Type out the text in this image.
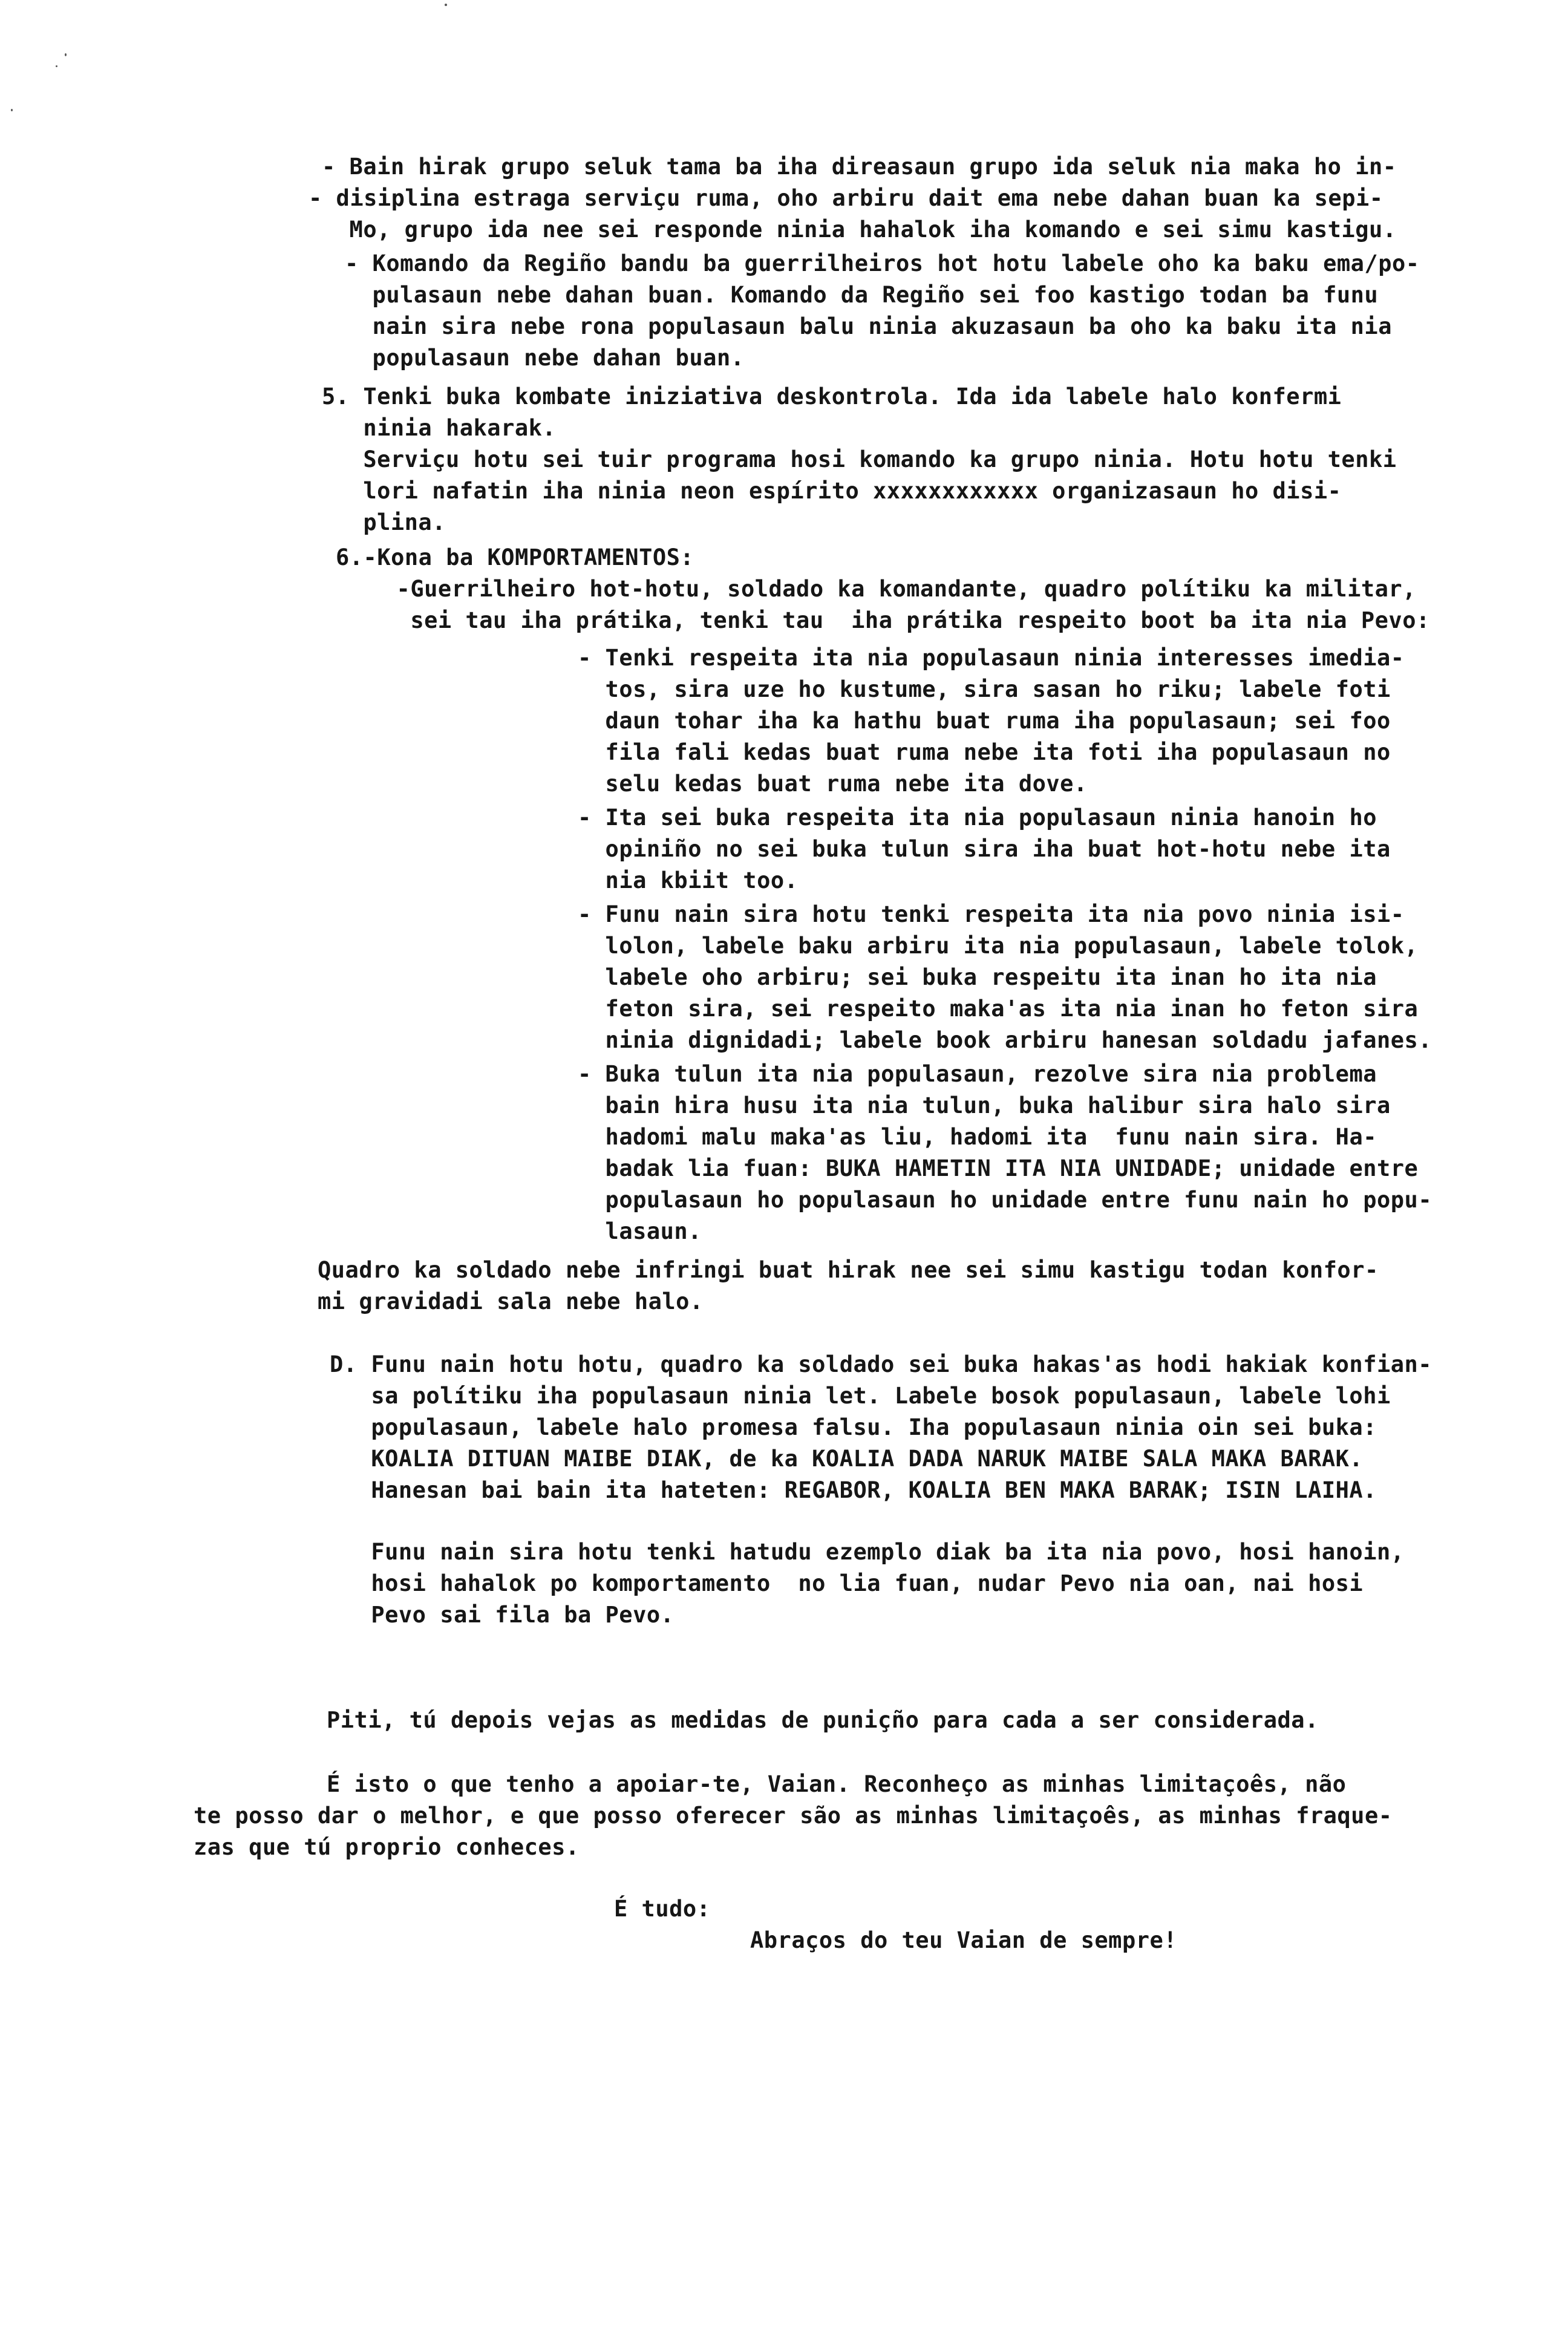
- Bain hirak grupo seluk tama ba iha direasaun grupo ida seluk nia maka ho in-
- disiplina estraga serviçu ruma, oho arbiru dait ema nebe dahan buan ka sepi-
Mo, grupo ida nee sei responde ninia hahalok iha komando e sei simu kastigu.
- Komando da Regiño bandu ba guerrilheiros hot hotu labele oho ka baku ema/po-
pulasaun nebe dahan buan. Komando da Regiño sei foo kastigo todan ba funu
nain sira nebe rona populasaun balu ninia akuzasaun ba oho ka baku ita nia
populasaun nebe dahan buan.
5. Tenki buka kombate iniziativa deskontrola. Ida ida labele halo konfermi
ninia hakarak.
Serviçu hotu sei tuir programa hosi komando ka grupo ninia. Hotu hotu tenki
lori nafatin iha ninia neon espírito xxxxxxxxxxxx organizasaun ho disi-
plina.
6.-Kona ba KOMPORTAMENTOS:
-Guerrilheiro hot-hotu, soldado ka komandante, quadro polítiku ka militar,
sei tau iha prátika, tenki tau  iha prátika respeito boot ba ita nia Pevo:
- Tenki respeita ita nia populasaun ninia interesses imedia-
tos, sira uze ho kustume, sira sasan ho riku; labele foti
daun tohar iha ka hathu buat ruma iha populasaun; sei foo
fila fali kedas buat ruma nebe ita foti iha populasaun no
selu kedas buat ruma nebe ita dove.
- Ita sei buka respeita ita nia populasaun ninia hanoin ho
opiniño no sei buka tulun sira iha buat hot-hotu nebe ita
nia kbiit too.
- Funu nain sira hotu tenki respeita ita nia povo ninia isi-
lolon, labele baku arbiru ita nia populasaun, labele tolok,
labele oho arbiru; sei buka respeitu ita inan ho ita nia
feton sira, sei respeito maka'as ita nia inan ho feton sira
ninia dignidadi; labele book arbiru hanesan soldadu jafanes.
- Buka tulun ita nia populasaun, rezolve sira nia problema
bain hira husu ita nia tulun, buka halibur sira halo sira
hadomi malu maka'as liu, hadomi ita  funu nain sira. Ha-
badak lia fuan: BUKA HAMETIN ITA NIA UNIDADE; unidade entre
populasaun ho populasaun ho unidade entre funu nain ho popu-
lasaun.
Quadro ka soldado nebe infringi buat hirak nee sei simu kastigu todan konfor-
mi gravidadi sala nebe halo.
D. Funu nain hotu hotu, quadro ka soldado sei buka hakas'as hodi hakiak konfian-
sa polítiku iha populasaun ninia let. Labele bosok populasaun, labele lohi
populasaun, labele halo promesa falsu. Iha populasaun ninia oin sei buka:
KOALIA DITUAN MAIBE DIAK, de ka KOALIA DADA NARUK MAIBE SALA MAKA BARAK.
Hanesan bai bain ita hateten: REGABOR, KOALIA BEN MAKA BARAK; ISIN LAIHA.
Funu nain sira hotu tenki hatudu ezemplo diak ba ita nia povo, hosi hanoin,
hosi hahalok po komportamento  no lia fuan, nudar Pevo nia oan, nai hosi
Pevo sai fila ba Pevo.
Piti, tú depois vejas as medidas de puniçño para cada a ser considerada.
É isto o que tenho a apoiar-te, Vaian. Reconheço as minhas limitaçoês, não
te posso dar o melhor, e que posso oferecer são as minhas limitaçoês, as minhas fraque-
zas que tú proprio conheces.
É tudo:
Abraços do teu Vaian de sempre!
